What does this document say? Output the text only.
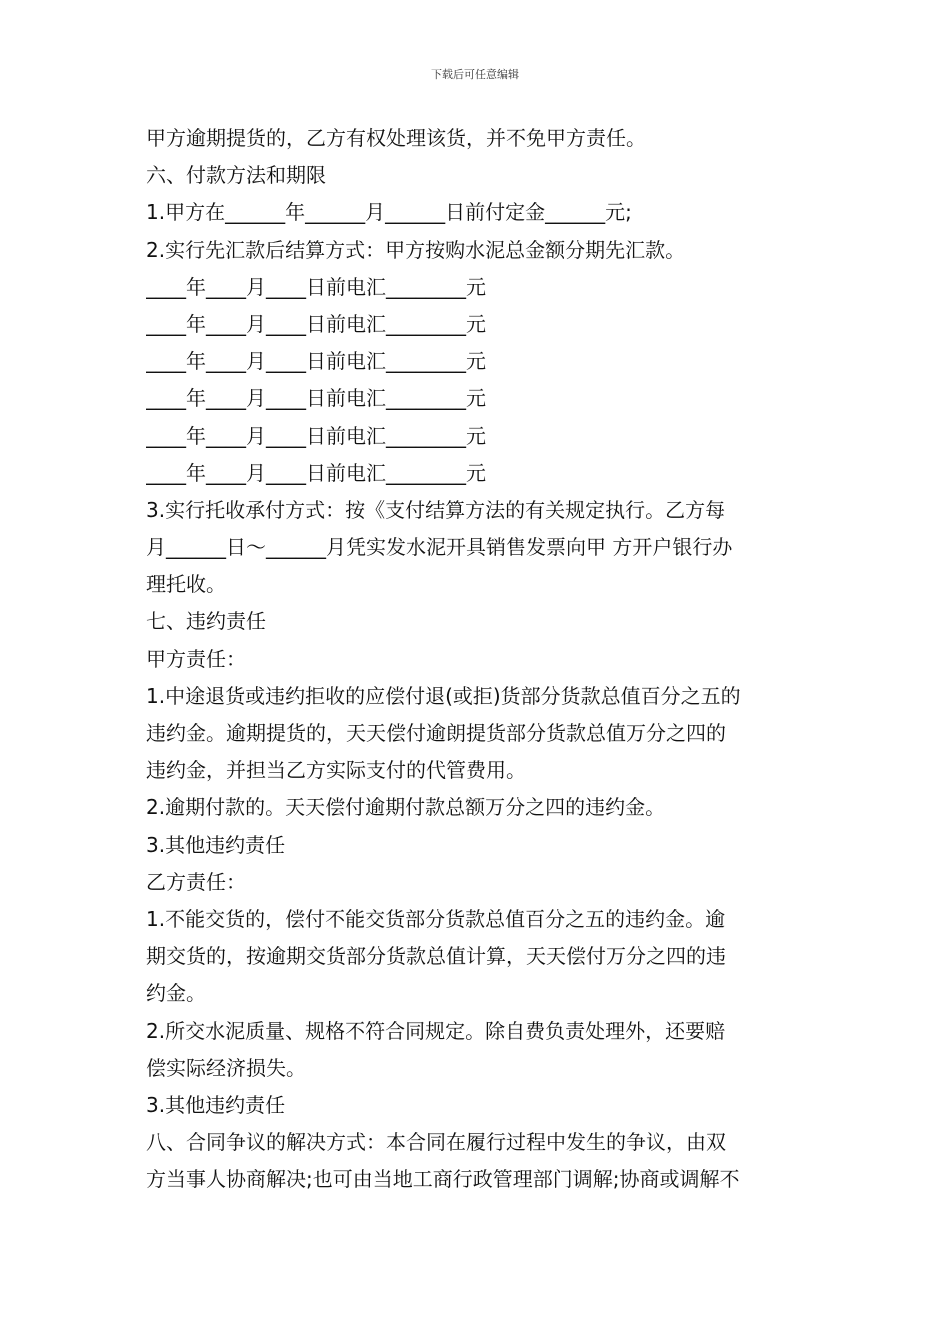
下载后可任意编辑
甲方逾期提货的，乙方有权处理该货，并不免甲方责任。
六、付款方法和期限
1.甲方在______年______月______日前付定金______元;
2.实行先汇款后结算方式：甲方按购水泥总金额分期先汇款。
____年____月____日前电汇________元
____年____月____日前电汇________元
____年____月____日前电汇________元
____年____月____日前电汇________元
____年____月____日前电汇________元
____年____月____日前电汇________元
3.实行托收承付方式：按《支付结算方法的有关规定执行。乙方每
月______日～______月凭实发水泥开具销售发票向甲 方开户银行办
理托收。
七、违约责任
甲方责任：
1.中途退货或违约拒收的应偿付退(或拒)货部分货款总值百分之五的
违约金。逾期提货的，天天偿付逾朗提货部分货款总值万分之四的
违约金，并担当乙方实际支付的代管费用。
2.逾期付款的。天天偿付逾期付款总额万分之四的违约金。
3.其他违约责任
乙方责任：
1.不能交货的，偿付不能交货部分货款总值百分之五的违约金。逾
期交货的，按逾期交货部分货款总值计算，天天偿付万分之四的违
约金。
2.所交水泥质量、规格不符合同规定。除自费负责处理外，还要赔
偿实际经济损失。
3.其他违约责任
八、合同争议的解决方式：本合同在履行过程中发生的争议，由双
方当事人协商解决;也可由当地工商行政管理部门调解;协商或调解不
